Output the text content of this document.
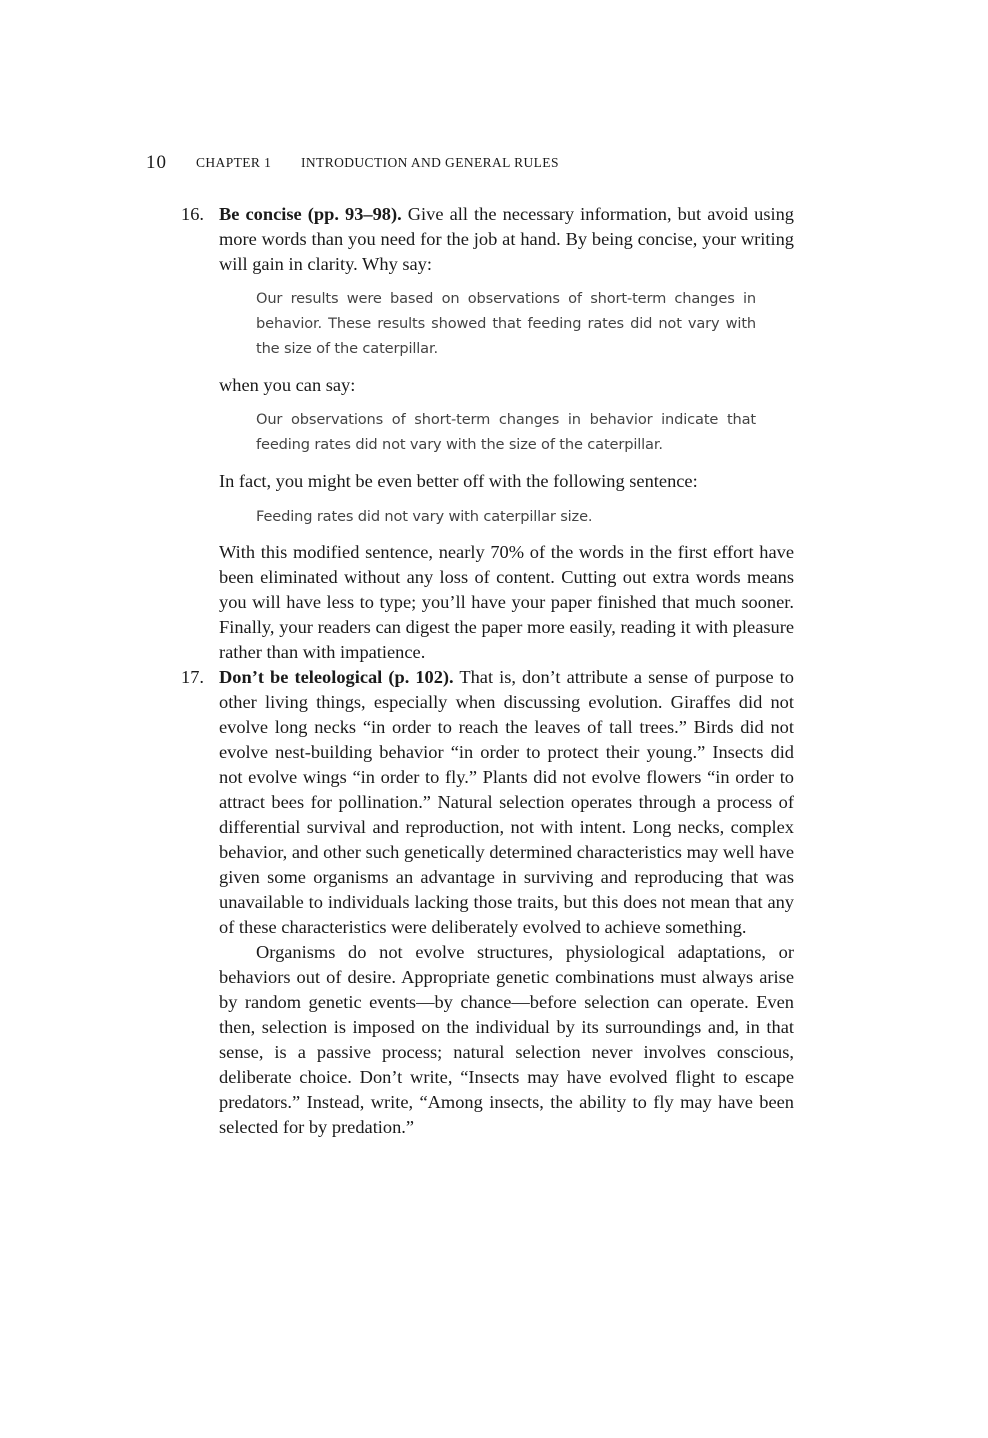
10 CHAPTER 1 INTRODUCTION AND GENERAL RULES
16. Be concise (pp. 93–98). Give all the necessary information, but avoid using more words than you need for the job at hand. By being concise, your writing will gain in clarity. Why say:

Our results were based on observations of short-term changes in behavior. These results showed that feeding rates did not vary with the size of the caterpillar.

when you can say:

Our observations of short-term changes in behavior indicate that feeding rates did not vary with the size of the caterpillar.

In fact, you might be even better off with the following sentence:

Feeding rates did not vary with caterpillar size.

With this modified sentence, nearly 70% of the words in the first effort have been eliminated without any loss of content. Cutting out extra words means you will have less to type; you’ll have your paper finished that much sooner. Finally, your readers can digest the paper more easily, reading it with pleasure rather than with impatience.

17. Don’t be teleological (p. 102). That is, don’t attribute a sense of purpose to other living things, especially when discussing evolution. Giraffes did not evolve long necks “in order to reach the leaves of tall trees.” Birds did not evolve nest-building behavior “in order to protect their young.” Insects did not evolve wings “in order to fly.” Plants did not evolve flowers “in order to attract bees for pollination.” Natural selection operates through a process of differential survival and reproduction, not with intent. Long necks, complex behavior, and other such genetically determined characteristics may well have given some organisms an advantage in surviving and reproducing that was unavailable to individuals lacking those traits, but this does not mean that any of these characteristics were deliberately evolved to achieve something.

Organisms do not evolve structures, physiological adaptations, or behaviors out of desire. Appropriate genetic combinations must always arise by random genetic events—by chance—before selection can operate. Even then, selection is imposed on the individual by its surroundings and, in that sense, is a passive process; natural selection never involves conscious, deliberate choice. Don’t write, “Insects may have evolved flight to escape predators.” Instead, write, “Among insects, the ability to fly may have been selected for by predation.”
